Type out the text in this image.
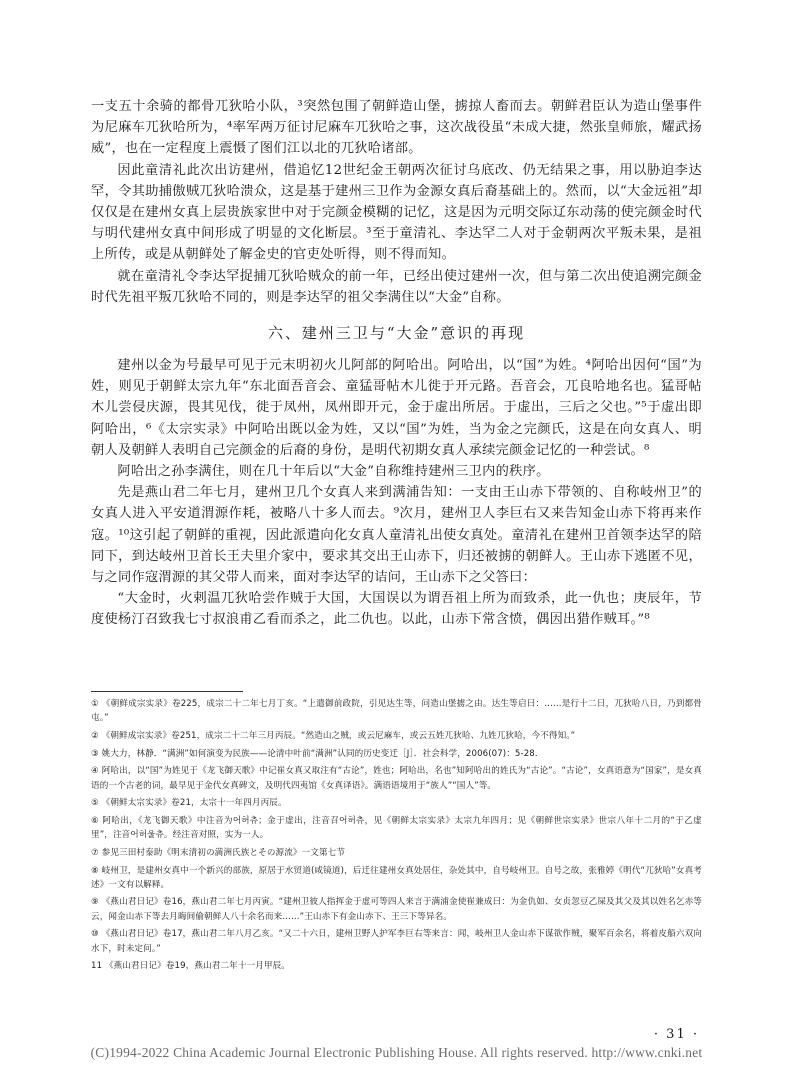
一支五十余骑的都骨兀狄哈小队，³突然包围了朝鲜造山堡，掳掠人畜而去。朝鲜君臣认为造山堡事件为尼麻车兀狄哈所为，⁴率军两万征讨尼麻车兀狄哈之事，这次战役虽“未成大捷，然张皇师旅，耀武扬威”，也在一定程度上震慑了图们江以北的兀狄哈诸部。

因此童清礼此次出访建州，借追忆12世纪金王朝两次征讨乌底改、仍无结果之事，用以胁迫李达罕，令其助捕傲贼兀狄哈溃众，这是基于建州三卫作为金源女真后裔基础上的。然而，以“大金远祖”却仅仅是在建州女真上层贵族家世中对于完颜金模糊的记忆，这是因为元明交际辽东动荡的使完颜金时代与明代建州女真中间形成了明显的文化断层。³至于童清礼、李达罕二人对于金朝两次平叛未果，是祖上所传，或是从朝鲜处了解金史的官吏处听得，则不得而知。

就在童清礼令李达罕捉捕兀狄哈贼众的前一年，已经出使过建州一次，但与第二次出使追溯完颜金时代先祖平叛兀狄哈不同的，则是李达罕的祖父李满住以“大金”自称。

六、建州三卫与“大金”意识的再现

建州以金为号最早可见于元末明初火儿阿部的阿哈出。阿哈出，以“国”为姓。⁴阿哈出因何“国”为姓，则见于朝鲜太宗九年“东北面吾音会、童猛哥帖木儿徙于开元路。吾音会，兀良哈地名也。猛哥帖木儿尝侵庆源，畏其见伐，徙于凤州，凤州即开元，金于虚出所居。于虚出，三后之父也。”⁵于虚出即阿哈出，⁶《太宗实录》中阿哈出既以金为姓，又以“国”为姓，当为金之完颜氏，这是在向女真人、明朝人及朝鲜人表明自己完颜金的后裔的身份，是明代初期女真人承续完颜金记忆的一种尝试。⁸

阿哈出之孙李满住，则在几十年后以“大金”自称维持建州三卫内的秩序。

先是燕山君二年七月，建州卫几个女真人来到满浦告知：一支由王山赤下带领的、自称岐州卫”的女真人进入平安道渭源作耗，被略八十多人而去。⁹次月，建州卫人李巨右又来告知金山赤下将再来作寇。¹⁰这引起了朝鲜的重视，因此派遣向化女真人童清礼出使女真处。童清礼在建州卫首领李达罕的陪同下，到达岐州卫首长王夫里介家中，要求其交出王山赤下，归还被掳的朝鲜人。王山赤下逃匿不见，与之同作寇渭源的其父带人而来，面对李达罕的诘问，王山赤下之父答曰：

“大金时，火剌温兀狄哈尝作贼于大国，大国误以为谓吾祖上所为而致杀，此一仇也；庚辰年，节度使杨汀召致我七寸叔浪甫乙看而杀之，此二仇也。以此，山赤下常含愤，偶因出猎作贼耳。”⁸

① 《朝鲜成宗实录》卷225，成宗二十二年七月丁亥。“上遣御前政院，引见达生等，问造山堡掳之由。达生等启曰：……是行十二日，兀狄哈八日，乃到都骨屯。”

② 《朝鲜成宗实录》卷251，成宗二十二年三月丙辰。“然造山之贼，或云尼麻车，或云五姓兀狄哈、九姓兀狄哈，今不得知。”

③ 姚大力，林静．“满洲”如何演变为民族——论清中叶前“满洲”认同的历史变迁［J］．社会科学，2006(07)：5-28．

④ 阿哈出，以“国”为姓见于《龙飞御天歌》中记崔女真又取注有“古论”，姓也；阿哈出，名也”知阿哈出的姓氏为“古论”。“古论”，女真语意为“国家”，是女真语的一个古老的词，最早见于金代女真碑文，及明代四夷馆《女真译语》。满语语境用于“族人”“国人”等。

⑤ 《朝鲜太宗实录》卷21，太宗十一年四月丙辰。

⑥ 阿哈出，《龙飞御天歌》中注音为어허츄；金于虚出，注音召어허츄，见《朝鲜太宗实录》太宗九年四月；见《朝鲜世宗实录》世宗八年十二月的“于乙虚里”，注音어허울츄。经注音对照，实为一人。

⑦ 参见三田村泰助《明末清初の満洲氏族とその源流》一文第七节

⑧ 岐州卫，是建州女真中一个新兴的部族，原居于水贸道(咸镜道)，后迁往建州女真处居住，杂处其中，自号岐州卫。自号之故，张雅婷《明代“兀狄哈”女真考述》一文有以解释。

⑨ 《燕山君日记》卷16，燕山君二年七月丙寅。“建州卫彼人指挥金于虚可等四人来言于满浦金使崔兼成曰：为金仇如、女贞忽豆乙屎及其父及其以姓名乞赤等云，闻金山赤下等去月晦间偷朝鲜人八十余名而来……”王山赤下有金山赤下、王三下等异名。

⑩ 《燕山君日记》卷17，燕山君二年八月乙亥。“又二十六日，建州卫野人护军李巨右等来言：闻，岐州卫人金山赤下谋欲作贼，聚军百余名，将着皮船六双向水下，时未定问。”

11 《燕山君日记》卷19，燕山君二年十一月甲辰。

· 31 ·
(C)1994-2022 China Academic Journal Electronic Publishing House. All rights reserved. http://www.cnki.net
